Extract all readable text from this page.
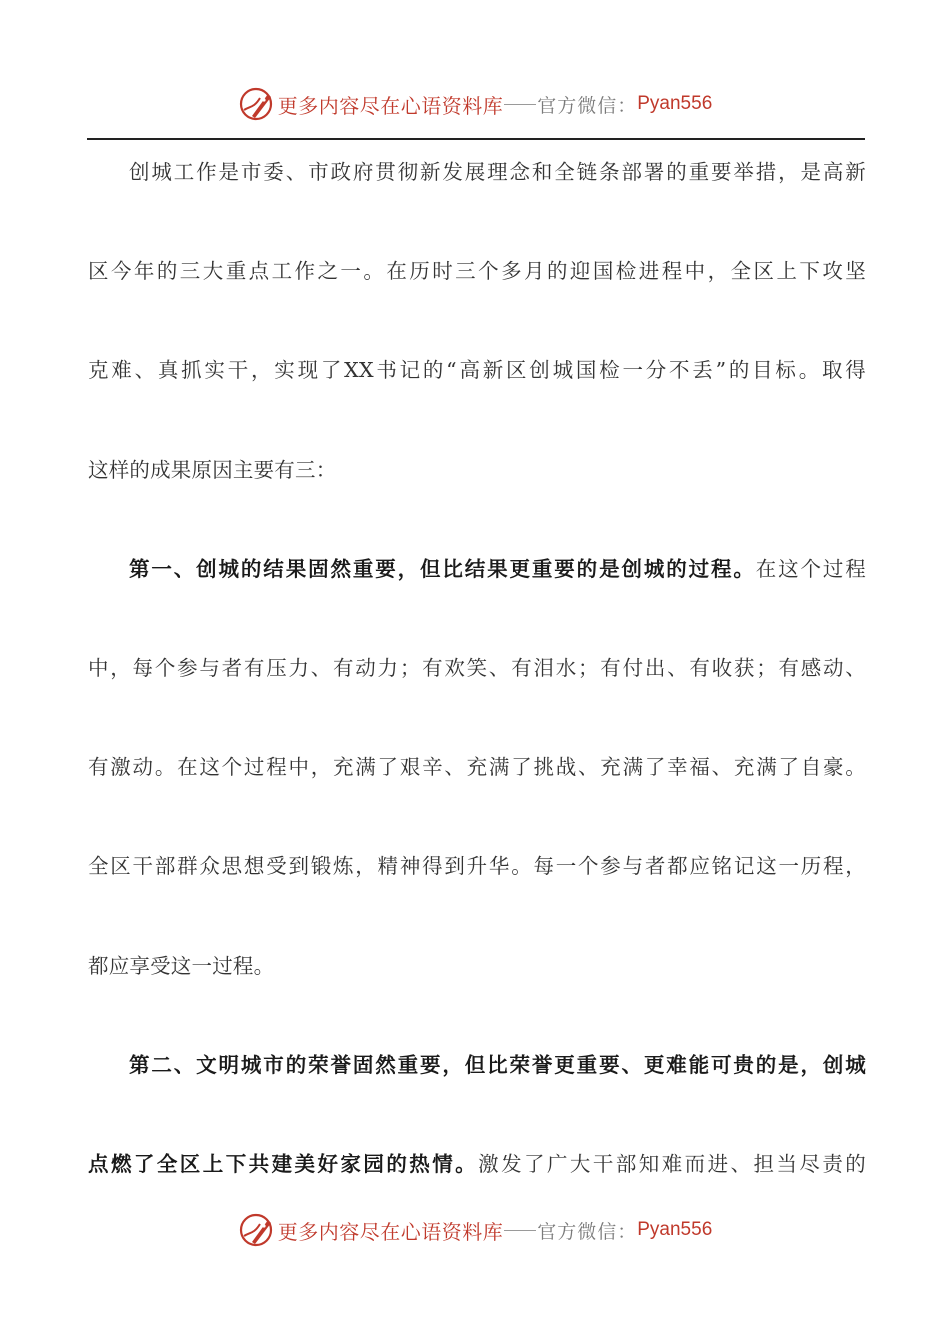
更多内容尽在心语资料库 官方微信： Pyan556
创城工作是市委、市政府贯彻新发展理念和全链条部署的重要举措，是高新
区今年的三大重点工作之一。在历时三个多月的迎国检进程中，全区上下攻坚
克难、真抓实干，实现了XX书记的“高新区创城国检一分不丢”的目标。取得
这样的成果原因主要有三：
第一、创城的结果固然重要，但比结果更重要的是创城的过程。在这个过程
中，每个参与者有压力、有动力；有欢笑、有泪水；有付出、有收获；有感动、
有激动。在这个过程中，充满了艰辛、充满了挑战、充满了幸福、充满了自豪。
全区干部群众思想受到锻炼，精神得到升华。每一个参与者都应铭记这一历程，
都应享受这一过程。
第二、文明城市的荣誉固然重要，但比荣誉更重要、更难能可贵的是，创城
点燃了全区上下共建美好家园的热情。激发了广大干部知难而进、担当尽责的
更多内容尽在心语资料库 官方微信： Pyan556
